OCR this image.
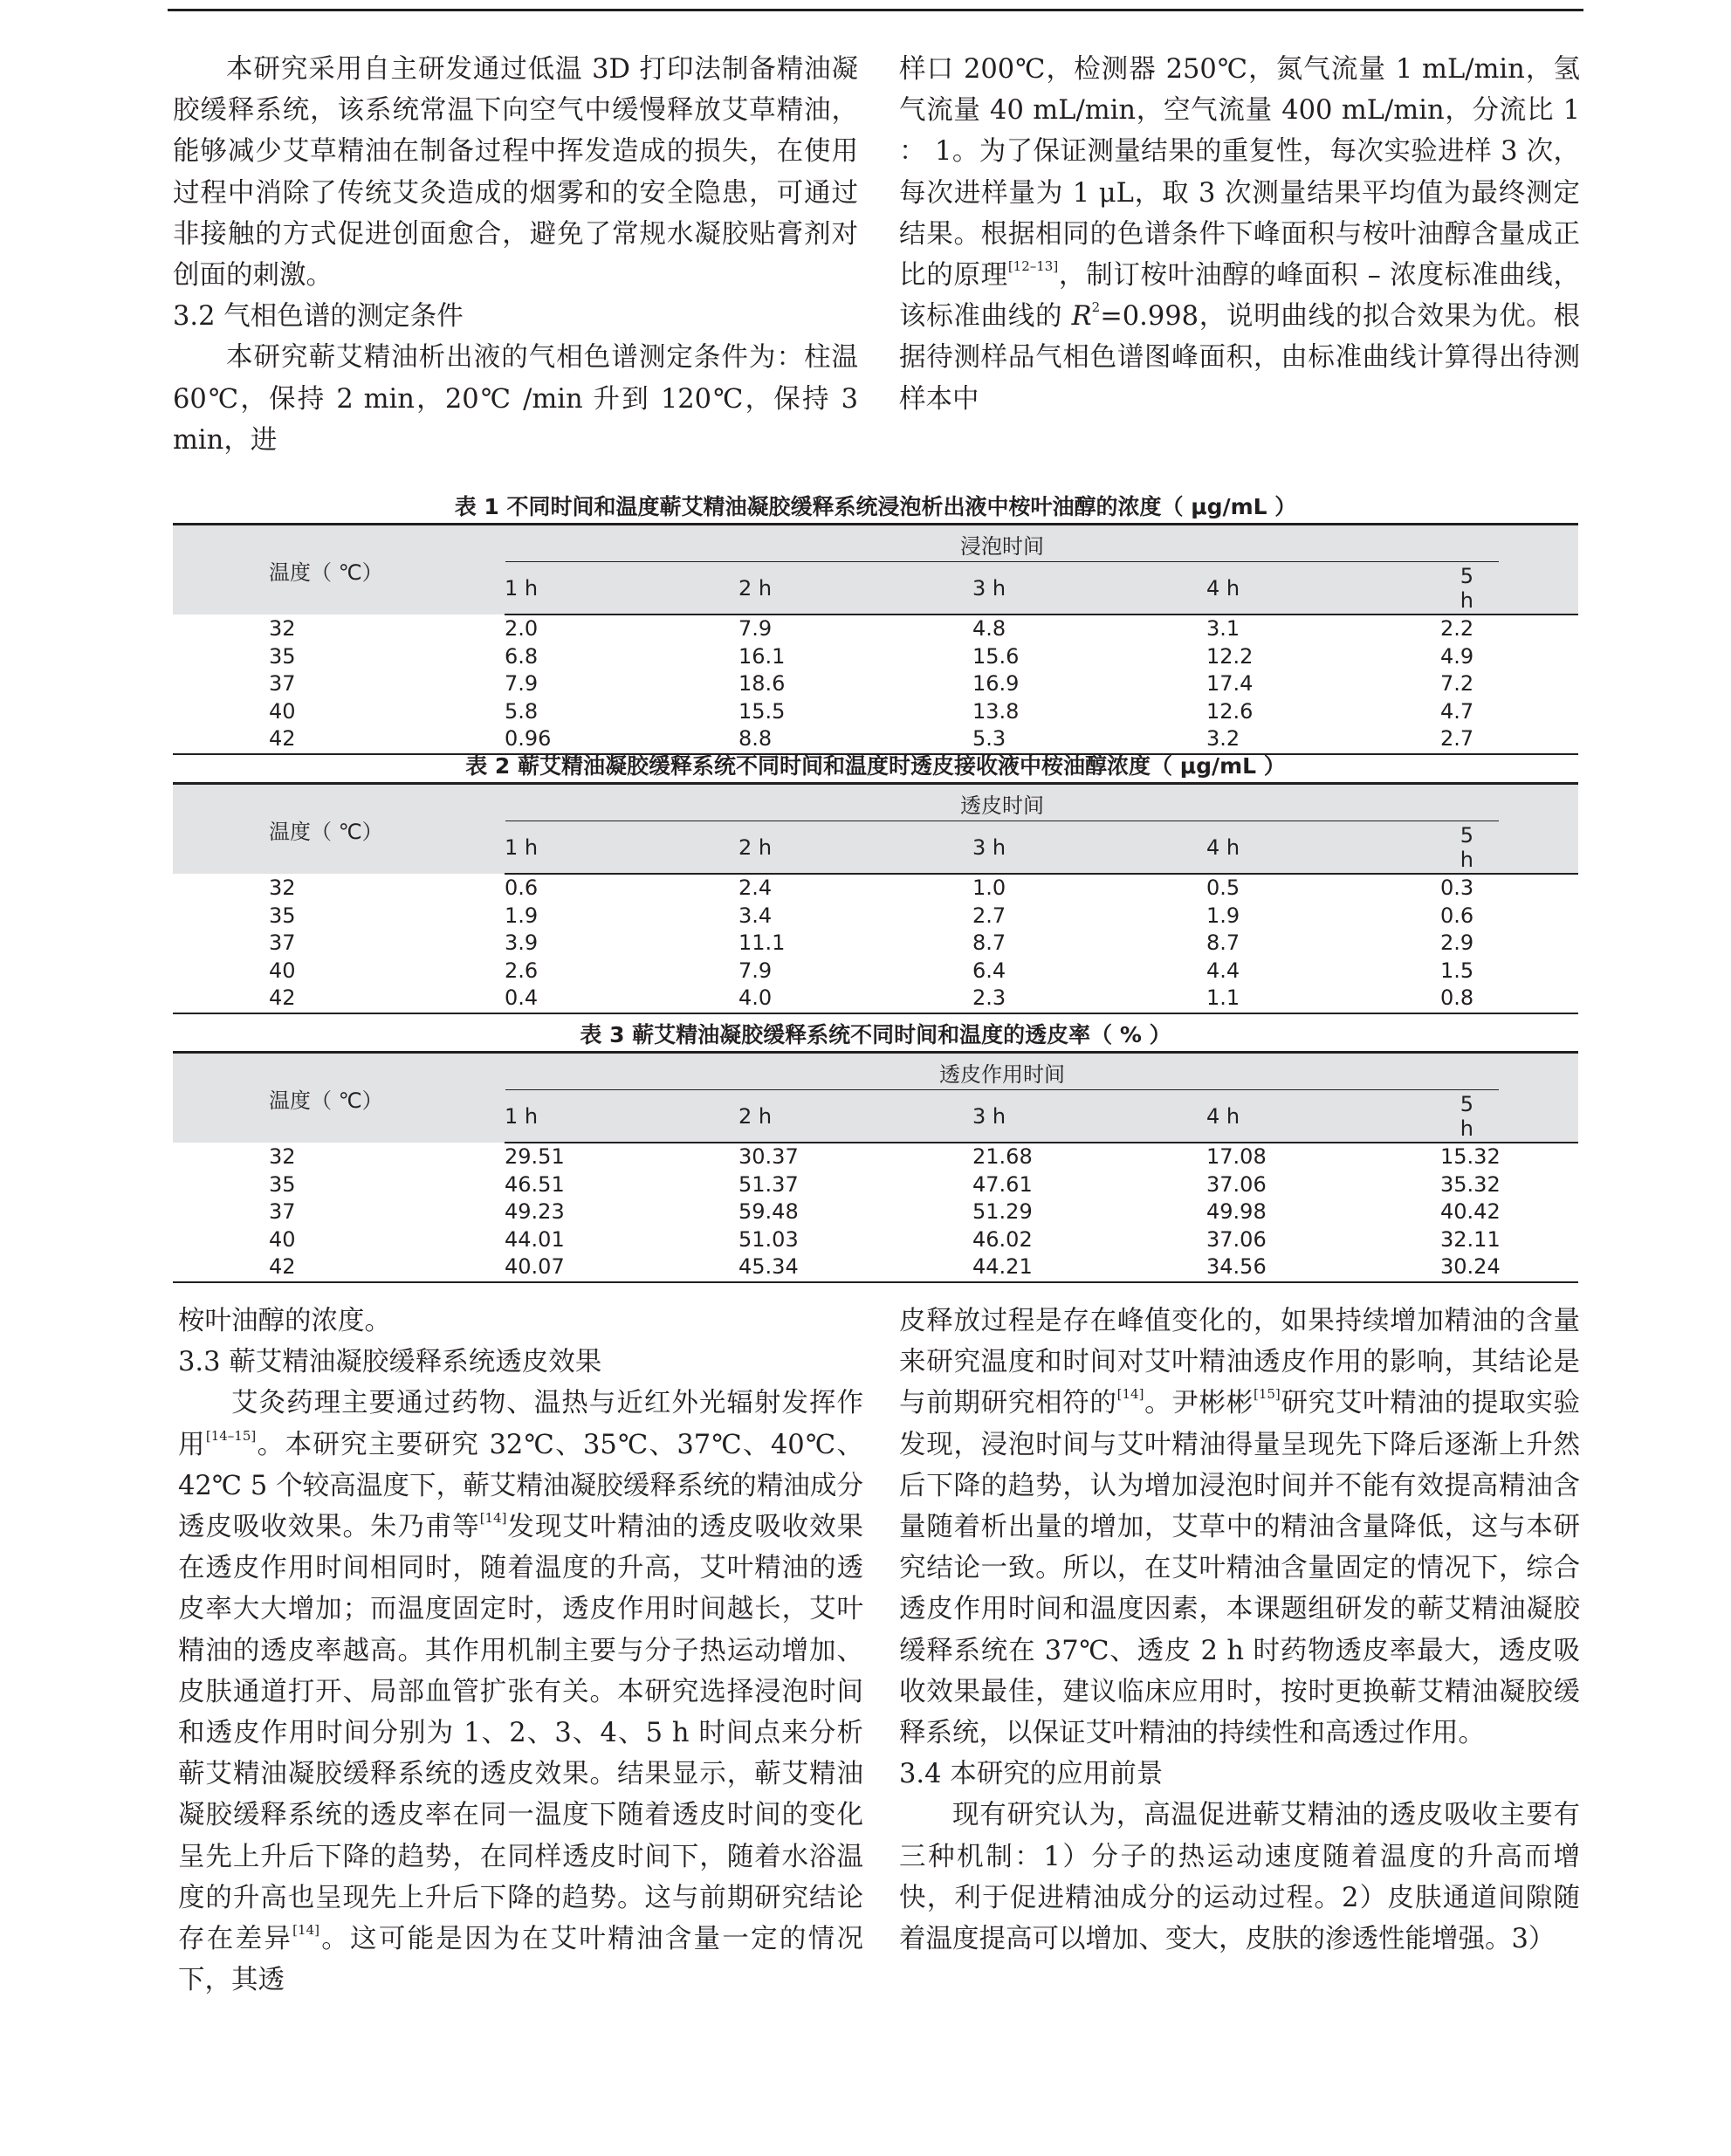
本研究采用自主研发通过低温 3D 打印法制备精油凝胶缓释系统，该系统常温下向空气中缓慢释放艾草精油，能够减少艾草精油在制备过程中挥发造成的损失，在使用过程中消除了传统艾灸造成的烟雾和的安全隐患，可通过非接触的方式促进创面愈合，避免了常规水凝胶贴膏剂对创面的刺激。

3.2 气相色谱的测定条件

本研究蕲艾精油析出液的气相色谱测定条件为：柱温 60℃，保持 2 min，20℃ /min 升到 120℃，保持 3 min，进

样口 200℃，检测器 250℃，氮气流量 1 mL/min，氢气流量 40 mL/min，空气流量 400 mL/min，分流比 1 ： 1。为了保证测量结果的重复性，每次实验进样 3 次，每次进样量为 1 μL，取 3 次测量结果平均值为最终测定结果。根据相同的色谱条件下峰面积与桉叶油醇含量成正比的原理[12–13]，制订桉叶油醇的峰面积 – 浓度标准曲线，该标准曲线的 $R^2=0.998$，说明曲线的拟合效果为优。根据待测样品气相色谱图峰面积，由标准曲线计算得出待测样本中

表 1 不同时间和温度蕲艾精油凝胶缓释系统浸泡析出液中桉叶油醇的浓度（ μg/mL ）
温度（ ℃）	浸泡时间				

	1 h	2 h	3 h	4 h	5 h
32	2.0	7.9	4.8	3.1	2.2
35	6.8	16.1	15.6	12.2	4.9
37	7.9	18.6	16.9	17.4	7.2
40	5.8	15.5	13.8	12.6	4.7
42	0.96	8.8	5.3	3.2	2.7
表 2 蕲艾精油凝胶缓释系统不同时间和温度时透皮接收液中桉油醇浓度（ μg/mL ）
温度（ ℃）	透皮时间				

	1 h	2 h	3 h	4 h	5 h
32	0.6	2.4	1.0	0.5	0.3
35	1.9	3.4	2.7	1.9	0.6
37	3.9	11.1	8.7	8.7	2.9
40	2.6	7.9	6.4	4.4	1.5
42	0.4	4.0	2.3	1.1	0.8
表 3 蕲艾精油凝胶缓释系统不同时间和温度的透皮率（ % ）
温度（ ℃）	透皮作用时间				

	1 h	2 h	3 h	4 h	5 h
32	29.51	30.37	21.68	17.08	15.32
35	46.51	51.37	47.61	37.06	35.32
37	49.23	59.48	51.29	49.98	40.42
40	44.01	51.03	46.02	37.06	32.11
42	40.07	45.34	44.21	34.56	30.24

桉叶油醇的浓度。

3.3 蕲艾精油凝胶缓释系统透皮效果

艾灸药理主要通过药物、温热与近红外光辐射发挥作用[14–15]。本研究主要研究 32℃、35℃、37℃、40℃、42℃ 5 个较高温度下，蕲艾精油凝胶缓释系统的精油成分透皮吸收效果。朱乃甫等[14]发现艾叶精油的透皮吸收效果在透皮作用时间相同时，随着温度的升高，艾叶精油的透皮率大大增加；而温度固定时，透皮作用时间越长，艾叶精油的透皮率越高。其作用机制主要与分子热运动增加、皮肤通道打开、局部血管扩张有关。本研究选择浸泡时间和透皮作用时间分别为 1、2、3、4、5 h 时间点来分析蕲艾精油凝胶缓释系统的透皮效果。结果显示，蕲艾精油凝胶缓释系统的透皮率在同一温度下随着透皮时间的变化呈先上升后下降的趋势，在同样透皮时间下，随着水浴温度的升高也呈现先上升后下降的趋势。这与前期研究结论存在差异[14]。这可能是因为在艾叶精油含量一定的情况下，其透

皮释放过程是存在峰值变化的，如果持续增加精油的含量来研究温度和时间对艾叶精油透皮作用的影响，其结论是与前期研究相符的[14]。尹彬彬[15]研究艾叶精油的提取实验发现，浸泡时间与艾叶精油得量呈现先下降后逐渐上升然后下降的趋势，认为增加浸泡时间并不能有效提高精油含量随着析出量的增加，艾草中的精油含量降低，这与本研究结论一致。所以，在艾叶精油含量固定的情况下，综合透皮作用时间和温度因素，本课题组研发的蕲艾精油凝胶缓释系统在 37℃、透皮 2 h 时药物透皮率最大，透皮吸收效果最佳，建议临床应用时，按时更换蕲艾精油凝胶缓释系统，以保证艾叶精油的持续性和高透过作用。

3.4 本研究的应用前景

现有研究认为，高温促进蕲艾精油的透皮吸收主要有三种机制：1）分子的热运动速度随着温度的升高而增快，利于促进精油成分的运动过程。2）皮肤通道间隙随着温度提高可以增加、变大，皮肤的渗透性能增强。3）
